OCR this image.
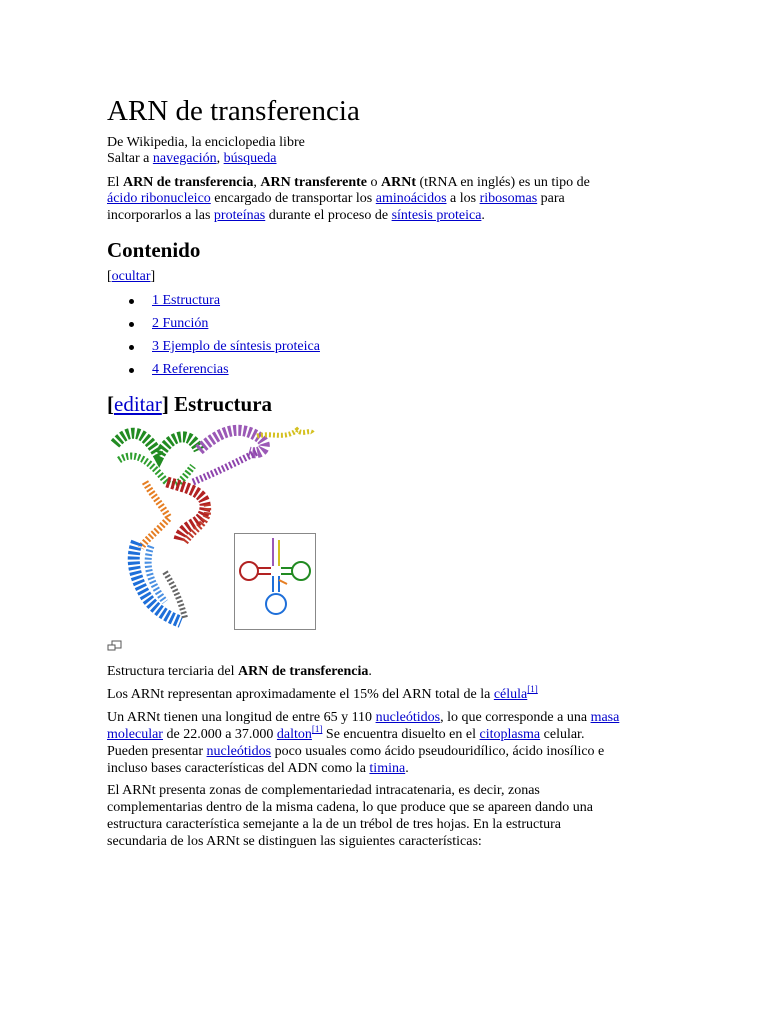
ARN de transferencia
De Wikipedia, la enciclopedia libre
Saltar a navegación, búsqueda
El ARN de transferencia, ARN transferente o ARNt (tRNA en inglés) es un tipo de
ácido ribonucleico encargado de transportar los aminoácidos a los ribosomas para
incorporarlos a las proteínas durante el proceso de síntesis proteica.
Contenido
[ocultar]
1 Estructura
2 Función
3 Ejemplo de síntesis proteica
4 Referencias
[editar] Estructura
Estructura terciaria del ARN de transferencia.
Los ARNt representan aproximadamente el 15% del ARN total de la célula[1]
Un ARNt tienen una longitud de entre 65 y 110 nucleótidos, lo que corresponde a una masa
molecular de 22.000 a 37.000 dalton[1] Se encuentra disuelto en el citoplasma celular.
Pueden presentar nucleótidos poco usuales como ácido pseudouridílico, ácido inosílico e
incluso bases características del ADN como la timina.
El ARNt presenta zonas de complementariedad intracatenaria, es decir, zonas
complementarias dentro de la misma cadena, lo que produce que se apareen dando una
estructura característica semejante a la de un trébol de tres hojas. En la estructura
secundaria de los ARNt se distinguen las siguientes características:
